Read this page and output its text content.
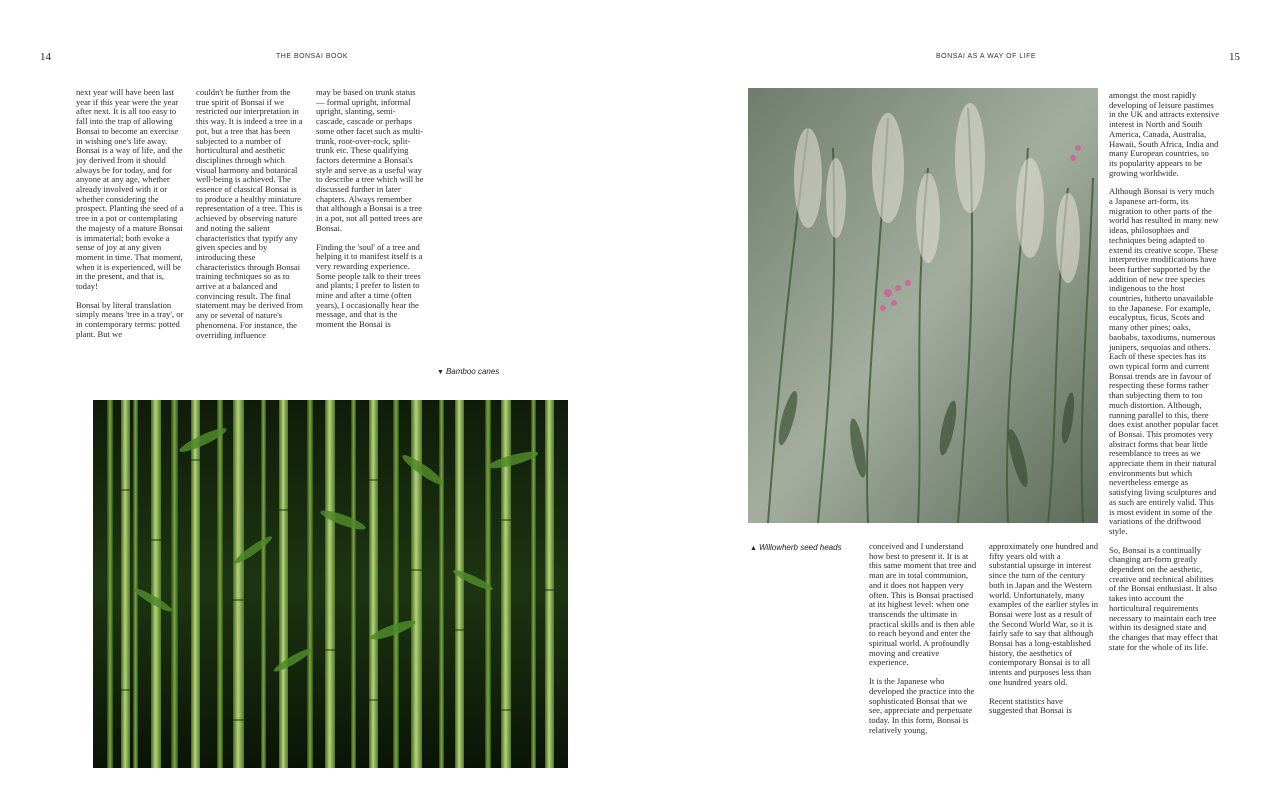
14	THE BONSAI BOOK

next year will have been last year if this year were the year after next. It is all too easy to fall into the trap of allowing Bonsai to become an exercise in wishing one's life away. Bonsai is a way of life, and the joy derived from it should always be for today, and for anyone at any age, whether already involved with it or whether considering the prospect. Planting the seed of a tree in a pot or contemplating the majesty of a mature Bonsai is immaterial; both evoke a sense of joy at any given moment in time. That moment, when it is experienced, will be in the present, and that is, today!

Bonsai by literal translation simply means 'tree in a tray', or in contemporary terms: potted plant. But we

couldn't be further from the true spirit of Bonsai if we restricted our interpretation in this way. It is indeed a tree in a pot, but a tree that has been subjected to a number of horticultural and aesthetic disciplines through which visual harmony and botanical well-being is achieved. The essence of classical Bonsai is to produce a healthy miniature representation of a tree. This is achieved by observing nature and noting the salient characteristics that typify any given species and by introducing these characteristics through Bonsai training techniques so as to arrive at a balanced and convincing result. The final statement may be derived from any or several of nature's phenomena. For instance, the overriding influence

may be based on trunk status — formal upright, informal upright, slanting, semi-cascade, cascade or perhaps some other facet such as multi-trunk, root-over-rock, split-trunk etc. These qualifying factors determine a Bonsai's style and serve as a useful way to describe a tree which will be discussed further in later chapters. Always remember that although a Bonsai is a tree in a pot, not all potted trees are Bonsai.

Finding the 'soul' of a tree and helping it to manifest itself is a very rewarding experience. Some people talk to their trees and plants; I prefer to listen to mine and after a time (often years), I occasionally hear the message, and that is the moment the Bonsai is

▼ Bamboo canes
BONSAI AS A WAY OF LIFE	15
▲ Willowherb seed heads	conceived and I understand how best to present it. It is at this same moment that tree and man are in total communion, and it does not happen very often. This is Bonsai practised at its highest level: when one transcends the ultimate in practical skills and is then able to reach beyond and enter the spiritual world. A profoundly moving and creative experience.

It is the Japanese who developed the practice into the sophisticated Bonsai that we see, appreciate and perpetuate today. In this form, Bonsai is relatively young,

approximately one hundred and fifty years old with a substantial upsurge in interest since the turn of the century both in Japan and the Western world. Unfortunately, many examples of the earlier styles in Bonsai were lost as a result of the Second World War, so it is fairly safe to say that although Bonsai has a long-established history, the aesthetics of contemporary Bonsai is to all intents and purposes less than one hundred years old.

Recent statistics have suggested that Bonsai is

amongst the most rapidly developing of leisure pastimes in the UK and attracts extensive interest in North and South America, Canada, Australia, Hawaii, South Africa, India and many European countries, so its popularity appears to be growing worldwide.

Although Bonsai is very much a Japanese art-form, its migration to other parts of the world has resulted in many new ideas, philosophies and techniques being adapted to extend its creative scope. These interpretive modifications have been further supported by the addition of new tree species indigenous to the host countries, hitherto unavailable to the Japanese. For example, eucalyptus, ficus, Scots and many other pines; oaks, baobabs, taxodiums, numerous junipers, sequoias and others. Each of these species has its own typical form and current Bonsai trends are in favour of respecting these forms rather than subjecting them to too much distortion. Although, running parallel to this, there does exist another popular facet of Bonsai. This promotes very abstract forms that bear little resemblance to trees as we appreciate them in their natural environments but which nevertheless emerge as satisfying living sculptures and as such are entirely valid. This is most evident in some of the variations of the driftwood style.

So, Bonsai is a continually changing art-form greatly dependent on the aesthetic, creative and technical abilities of the Bonsai enthusiast. It also takes into account the horticultural requirements necessary to maintain each tree within its designed state and the changes that may effect that state for the whole of its life.
